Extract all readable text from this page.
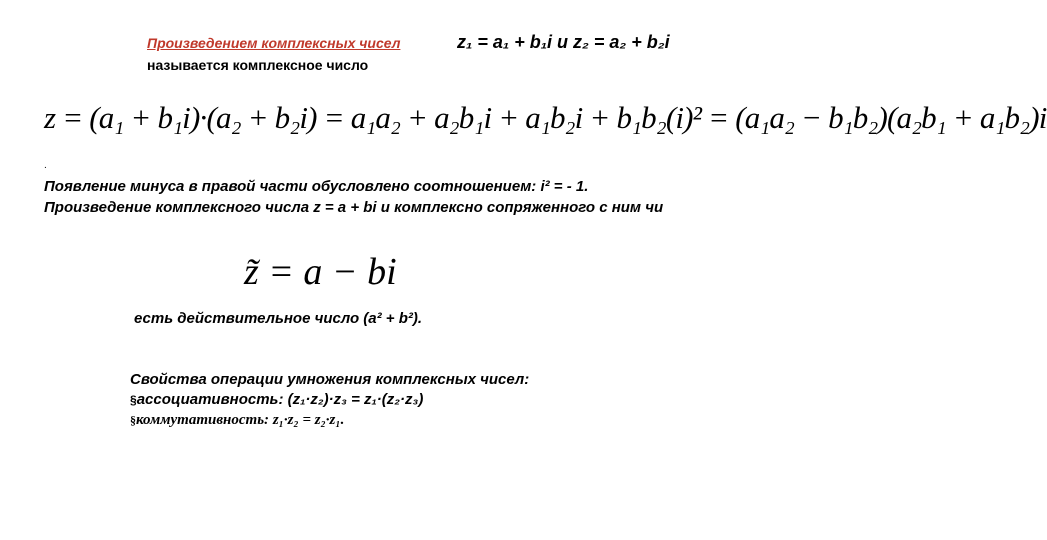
Произведением комплексных чисел
называется комплексное число
z₁ = a₁ + b₁i и z₂ = a₂ + b₂i
z = (a₁ + b₁i)·(a₂ + b₂i) = a₁a₂ + a₂b₁i + a₁b₂i + b₁b₂(i)² = (a₁a₂ − b₁b₂)(a₂b₁ + a₁b₂)i
.
Появление минуса в правой части обусловлено соотношением: i² = - 1.
Произведение комплексного числа z = a + bi и комплексно сопряженного с ним чи
z̃ = a − bi
есть действительное число (a² + b²).
Свойства операции умножения комплексных чисел:
§ассоциативность: (z₁·z₂)·z₃ = z₁·(z₂·z₃)
§коммутативность: z₁·z₂ = z₂·z₁.
